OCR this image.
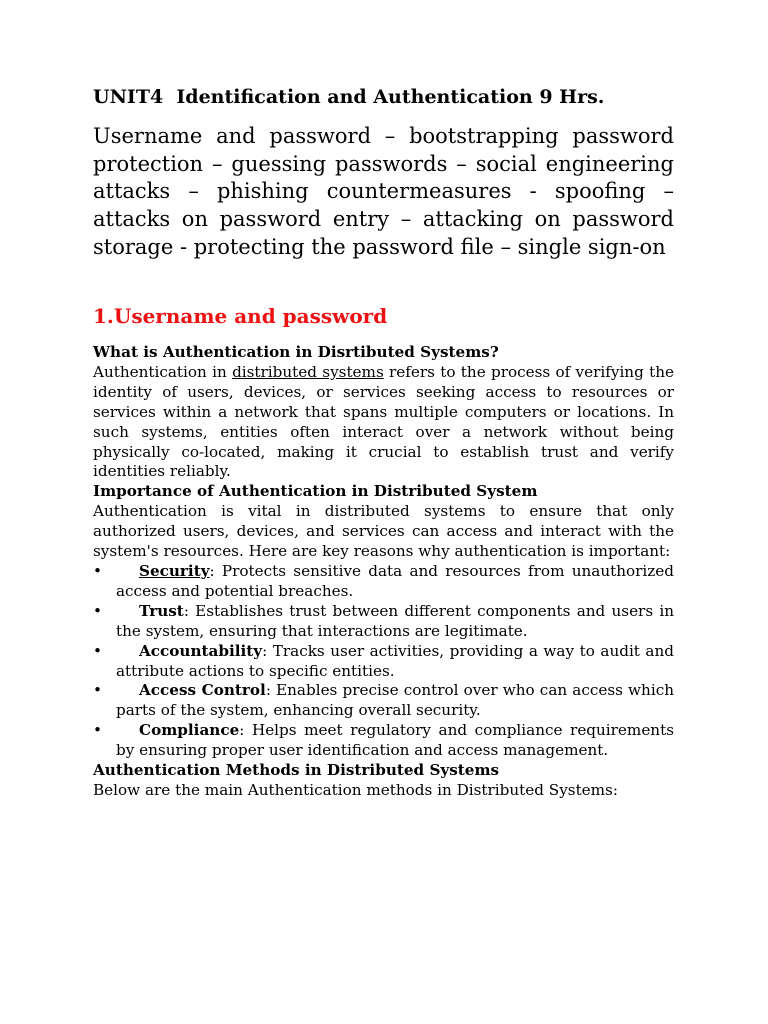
UNIT4  Identification and Authentication 9 Hrs.

Username and password – bootstrapping password protection – guessing passwords – social engineering attacks – phishing countermeasures - spoofing – attacks on password entry – attacking on password storage - protecting the password file – single sign-on

1.Username and password

What is Authentication in Disrtibuted Systems?

Authentication in distributed systems refers to the process of verifying the identity of users, devices, or services seeking access to resources or services within a network that spans multiple computers or locations. In such systems, entities often interact over a network without being physically co-located, making it crucial to establish trust and verify identities reliably.

Importance of Authentication in Distributed System

Authentication is vital in distributed systems to ensure that only authorized users, devices, and services can access and interact with the system's resources. Here are key reasons why authentication is important:

• Security: Protects sensitive data and resources from unauthorized access and potential breaches.
• Trust: Establishes trust between different components and users in the system, ensuring that interactions are legitimate.
• Accountability: Tracks user activities, providing a way to audit and attribute actions to specific entities.
• Access Control: Enables precise control over who can access which parts of the system, enhancing overall security.
• Compliance: Helps meet regulatory and compliance requirements by ensuring proper user identification and access management.

Authentication Methods in Distributed Systems

Below are the main Authentication methods in Distributed Systems:
